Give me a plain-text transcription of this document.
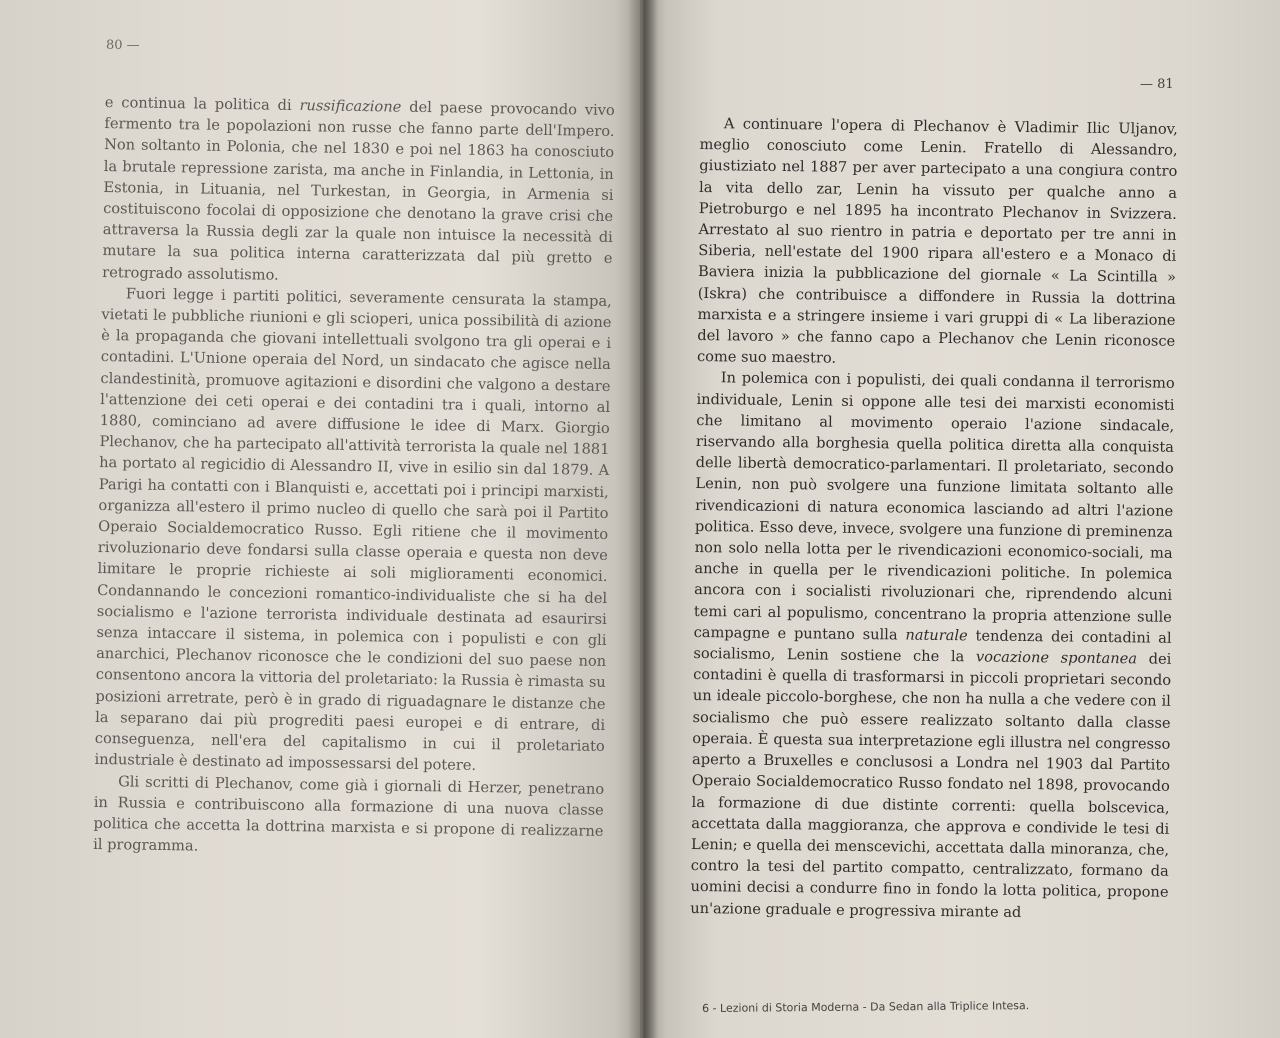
80 —

e continua la politica di russificazione del paese provocando vivo fermento tra le popolazioni non russe che fanno parte dell'Impero. Non soltanto in Polonia, che nel 1830 e poi nel 1863 ha conosciuto la brutale repressione zarista, ma anche in Finlandia, in Lettonia, in Estonia, in Lituania, nel Turkestan, in Georgia, in Armenia si costituiscono focolai di opposizione che denotano la grave crisi che attraversa la Russia degli zar la quale non intuisce la necessità di mutare la sua politica interna caratterizzata dal più gretto e retrogrado assolutismo.

Fuori legge i partiti politici, severamente censurata la stampa, vietati le pubbliche riunioni e gli scioperi, unica possibilità di azione è la propaganda che giovani intellettuali svolgono tra gli operai e i contadini. L'Unione operaia del Nord, un sindacato che agisce nella clandestinità, promuove agitazioni e disordini che valgono a destare l'attenzione dei ceti operai e dei contadini tra i quali, intorno al 1880, cominciano ad avere diffusione le idee di Marx. Giorgio Plechanov, che ha partecipato all'attività terrorista la quale nel 1881 ha portato al regicidio di Alessandro II, vive in esilio sin dal 1879. A Parigi ha contatti con i Blanquisti e, accettati poi i principi marxisti, organizza all'estero il primo nucleo di quello che sarà poi il Partito Operaio Socialdemocratico Russo. Egli ritiene che il movimento rivoluzionario deve fondarsi sulla classe operaia e questa non deve limitare le proprie richieste ai soli miglioramenti economici. Condannando le concezioni romantico-individualiste che si ha del socialismo e l'azione terrorista individuale destinata ad esaurirsi senza intaccare il sistema, in polemica con i populisti e con gli anarchici, Plechanov riconosce che le condizioni del suo paese non consentono ancora la vittoria del proletariato: la Russia è rimasta su posizioni arretrate, però è in grado di riguadagnare le distanze che la separano dai più progrediti paesi europei e di entrare, di conseguenza, nell'era del capitalismo in cui il proletariato industriale è destinato ad impossessarsi del potere.

Gli scritti di Plechanov, come già i giornali di Herzer, penetrano in Russia e contribuiscono alla formazione di una nuova classe politica che accetta la dottrina marxista e si propone di realizzarne il programma.

— 81

A continuare l'opera di Plechanov è Vladimir Ilic Uljanov, meglio conosciuto come Lenin. Fratello di Alessandro, giustiziato nel 1887 per aver partecipato a una congiura contro la vita dello zar, Lenin ha vissuto per qualche anno a Pietroburgo e nel 1895 ha incontrato Plechanov in Svizzera. Arrestato al suo rientro in patria e deportato per tre anni in Siberia, nell'estate del 1900 ripara all'estero e a Monaco di Baviera inizia la pubblicazione del giornale « La Scintilla » (Iskra) che contribuisce a diffondere in Russia la dottrina marxista e a stringere insieme i vari gruppi di « La liberazione del lavoro » che fanno capo a Plechanov che Lenin riconosce come suo maestro.

In polemica con i populisti, dei quali condanna il terrorismo individuale, Lenin si oppone alle tesi dei marxisti economisti che limitano al movimento operaio l'azione sindacale, riservando alla borghesia quella politica diretta alla conquista delle libertà democratico-parlamentari. Il proletariato, secondo Lenin, non può svolgere una funzione limitata soltanto alle rivendicazioni di natura economica lasciando ad altri l'azione politica. Esso deve, invece, svolgere una funzione di preminenza non solo nella lotta per le rivendicazioni economico-sociali, ma anche in quella per le rivendicazioni politiche. In polemica ancora con i socialisti rivoluzionari che, riprendendo alcuni temi cari al populismo, concentrano la propria attenzione sulle campagne e puntano sulla naturale tendenza dei contadini al socialismo, Lenin sostiene che la vocazione spontanea dei contadini è quella di trasformarsi in piccoli proprietari secondo un ideale piccolo-borghese, che non ha nulla a che vedere con il socialismo che può essere realizzato soltanto dalla classe operaia. È questa sua interpretazione egli illustra nel congresso aperto a Bruxelles e conclusosi a Londra nel 1903 dal Partito Operaio Socialdemocratico Russo fondato nel 1898, provocando la formazione di due distinte correnti: quella bolscevica, accettata dalla maggioranza, che approva e condivide le tesi di Lenin; e quella dei menscevichi, accettata dalla minoranza, che, contro la tesi del partito compatto, centralizzato, formano da uomini decisi a condurre fino in fondo la lotta politica, propone un'azione graduale e progressiva mirante ad

6 - Lezioni di Storia Moderna - Da Sedan alla Triplice Intesa.
